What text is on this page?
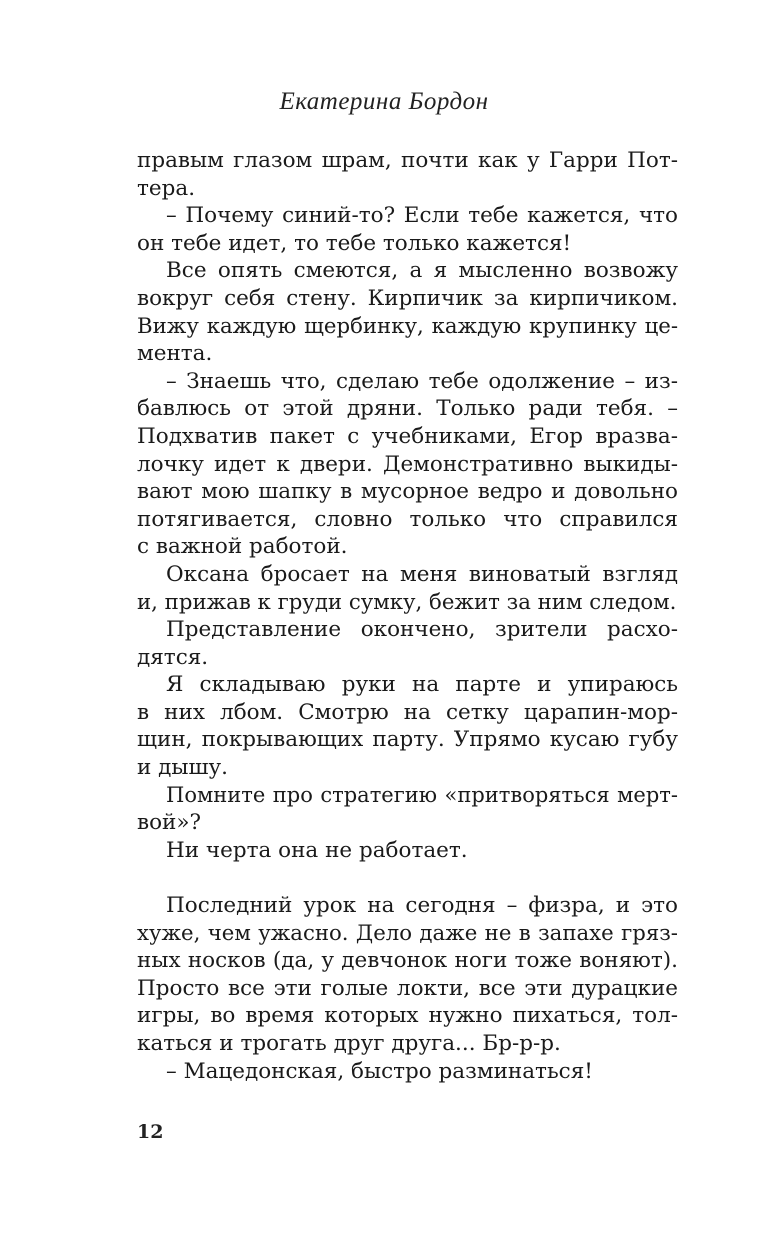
Екатерина Бордон
правым глазом шрам, почти как у Гарри Пот-
тера.
– Почему синий-то? Если тебе кажется, что
он тебе идет, то тебе только кажется!
Все опять смеются, а я мысленно возвожу
вокруг себя стену. Кирпичик за кирпичиком.
Вижу каждую щербинку, каждую крупинку це-
мента.
– Знаешь что, сделаю тебе одолжение – из-
бавлюсь от этой дряни. Только ради тебя. –
Подхватив пакет с учебниками, Егор вразва-
лочку идет к двери. Демонстративно выкиды-
вают мою шапку в мусорное ведро и довольно
потягивается, словно только что справился
с важной работой.
Оксана бросает на меня виноватый взгляд
и, прижав к груди сумку, бежит за ним следом.
Представление окончено, зрители расхо-
дятся.
Я складываю руки на парте и упираюсь
в них лбом. Смотрю на сетку царапин-мор-
щин, покрывающих парту. Упрямо кусаю губу
и дышу.
Помните про стратегию «притворяться мерт-
вой»?
Ни черта она не работает.
Последний урок на сегодня – физра, и это
хуже, чем ужасно. Дело даже не в запахе гряз-
ных носков (да, у девчонок ноги тоже воняют).
Просто все эти голые локти, все эти дурацкие
игры, во время которых нужно пихаться, тол-
каться и трогать друг друга... Бр-р-р.
– Мацедонская, быстро разминаться!
12
